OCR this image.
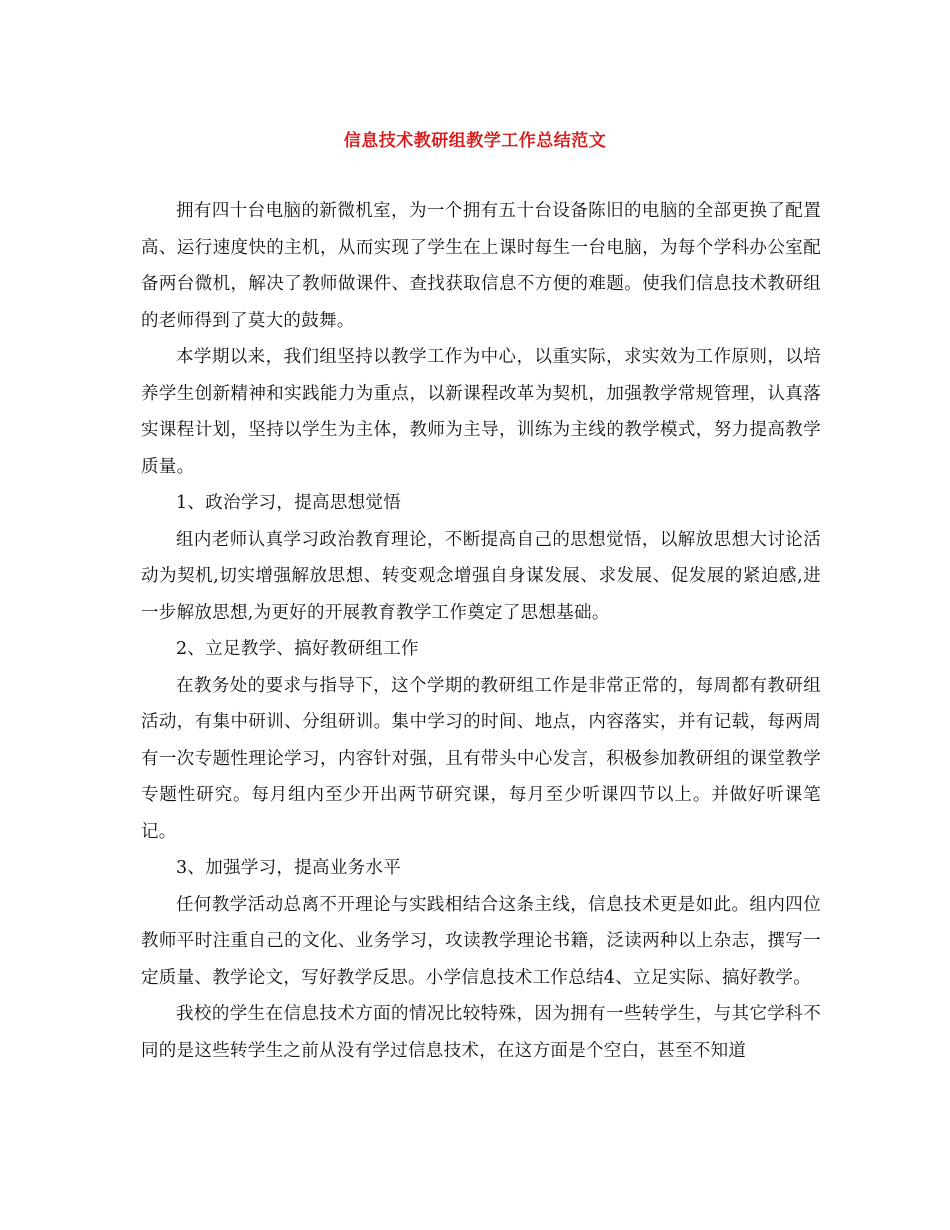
信息技术教研组教学工作总结范文

拥有四十台电脑的新微机室，为一个拥有五十台设备陈旧的电脑的全部更换了配置高、运行速度快的主机，从而实现了学生在上课时每生一台电脑，为每个学科办公室配备两台微机，解决了教师做课件、查找获取信息不方便的难题。使我们信息技术教研组的老师得到了莫大的鼓舞。

本学期以来，我们组坚持以教学工作为中心，以重实际，求实效为工作原则，以培养学生创新精神和实践能力为重点，以新课程改革为契机，加强教学常规管理，认真落实课程计划，坚持以学生为主体，教师为主导，训练为主线的教学模式，努力提高教学质量。

1、政治学习，提高思想觉悟

组内老师认真学习政治教育理论，不断提高自己的思想觉悟，以解放思想大讨论活动为契机,切实增强解放思想、转变观念增强自身谋发展、求发展、促发展的紧迫感,进一步解放思想,为更好的开展教育教学工作奠定了思想基础。

2、立足教学、搞好教研组工作

在教务处的要求与指导下，这个学期的教研组工作是非常正常的，每周都有教研组活动，有集中研训、分组研训。集中学习的时间、地点，内容落实，并有记载，每两周有一次专题性理论学习，内容针对强，且有带头中心发言，积极参加教研组的课堂教学专题性研究。每月组内至少开出两节研究课，每月至少听课四节以上。并做好听课笔记。

3、加强学习，提高业务水平

任何教学活动总离不开理论与实践相结合这条主线，信息技术更是如此。组内四位教师平时注重自己的文化、业务学习，攻读教学理论书籍，泛读两种以上杂志，撰写一定质量、教学论文，写好教学反思。小学信息技术工作总结4、立足实际、搞好教学。

我校的学生在信息技术方面的情况比较特殊，因为拥有一些转学生，与其它学科不同的是这些转学生之前从没有学过信息技术，在这方面是个空白，甚至不知道
